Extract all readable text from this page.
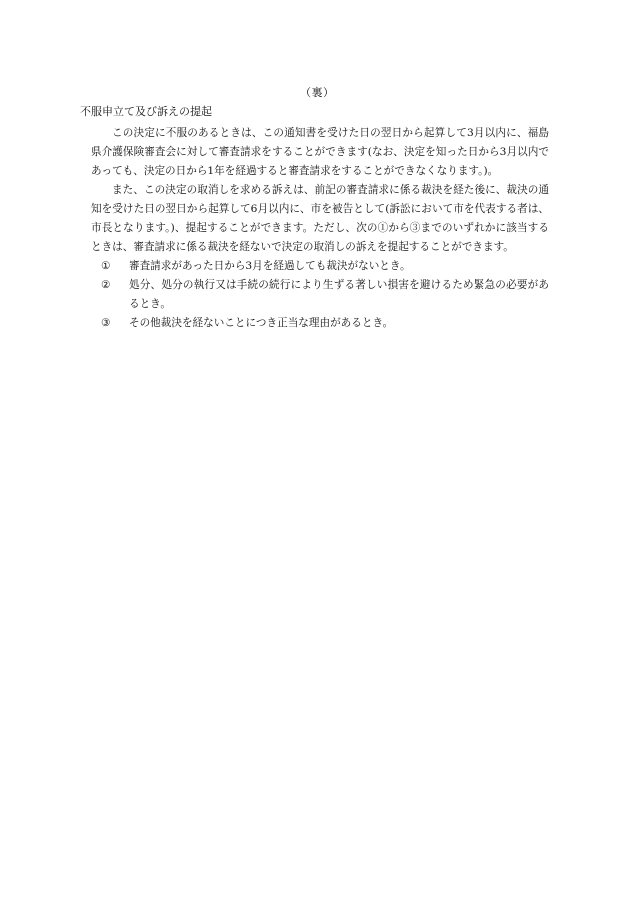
（裏）
不服申立て及び訴えの提起

この決定に不服のあるときは、この通知書を受けた日の翌日から起算して3月以内に、福島県介護保険審査会に対して審査請求をすることができます(なお、決定を知った日から3月以内であっても、決定の日から1年を経過すると審査請求をすることができなくなります。)。

また、この決定の取消しを求める訴えは、前記の審査請求に係る裁決を経た後に、裁決の通知を受けた日の翌日から起算して6月以内に、市を被告として(訴訟において市を代表する者は、市長となります。)、提起することができます。ただし、次の①から③までのいずれかに該当するときは、審査請求に係る裁決を経ないで決定の取消しの訴えを提起することができます。

①	審査請求があった日から3月を経過しても裁決がないとき。
②	処分、処分の執行又は手続の続行により生ずる著しい損害を避けるため緊急の必要があるとき。
③	その他裁決を経ないことにつき正当な理由があるとき。
